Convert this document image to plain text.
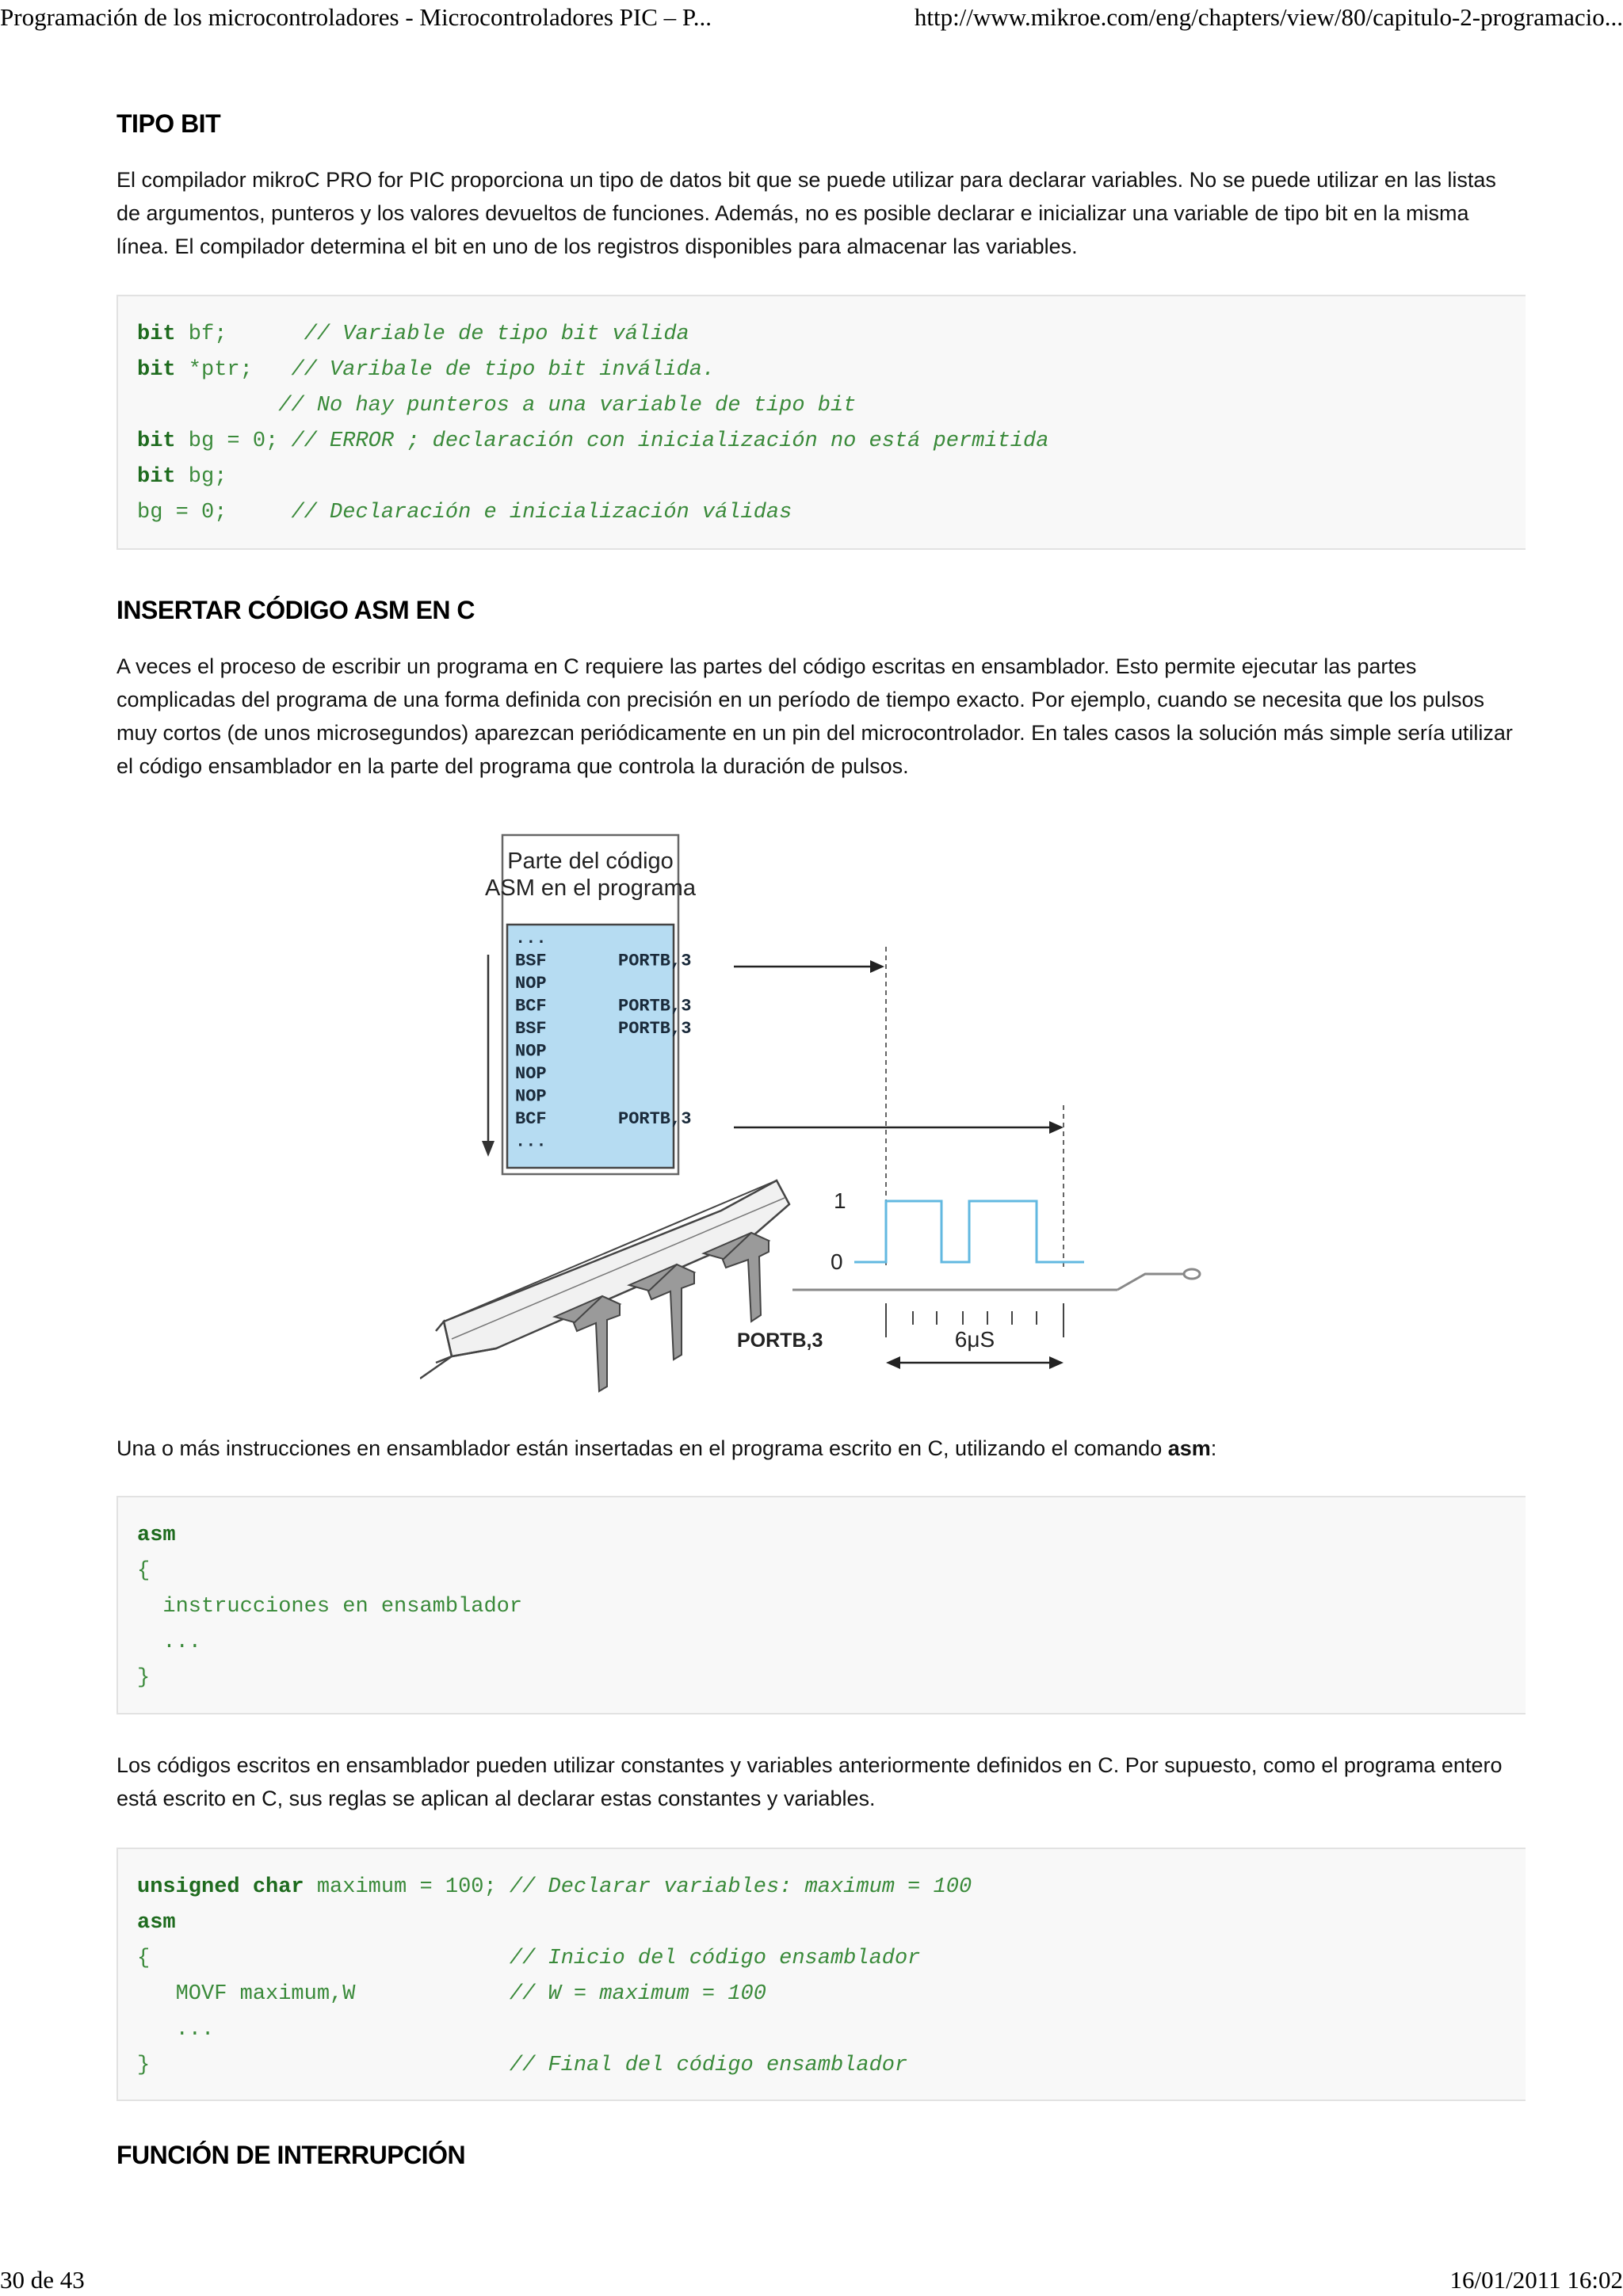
Programación de los microcontroladores - Microcontroladores PIC – P...	http://www.mikroe.com/eng/chapters/view/80/capitulo-2-programacio...
TIPO BIT

El compilador mikroC PRO for PIC proporciona un tipo de datos bit que se puede utilizar para declarar variables. No se puede utilizar en las listas de argumentos, punteros y los valores devueltos de funciones. Además, no es posible declarar e inicializar una variable de tipo bit en la misma línea. El compilador determina el bit en uno de los registros disponibles para almacenar las variables.

bit bf;      // Variable de tipo bit válida
bit *ptr;   // Varibale de tipo bit inválida.
// No hay punteros a una variable de tipo bit
bit bg = 0; // ERROR ; declaración con inicialización no está permitida
bit bg;
bg = 0;     // Declaración e inicialización válidas
INSERTAR CÓDIGO ASM EN C

A veces el proceso de escribir un programa en C requiere las partes del código escritas en ensamblador. Esto permite ejecutar las partes complicadas del programa de una forma definida con precisión en un período de tiempo exacto. Por ejemplo, cuando se necesita que los pulsos muy cortos (de unos microsegundos) aparezcan periódicamente en un pin del microcontrolador. En tales casos la solución más simple sería utilizar el código ensamblador en la parte del programa que controla la duración de pulsos.

Parte del código
ASM en el programa
...
BSF	PORTB,3
NOP
BCF	PORTB,3
BSF	PORTB,3
NOP
NOP
NOP
BCF	PORTB,3
...
1
0
6μS
PORTB,3

Una o más instrucciones en ensamblador están insertadas en el programa escrito en C, utilizando el comando asm:

asm
{
instrucciones en ensamblador
...
}

Los códigos escritos en ensamblador pueden utilizar constantes y variables anteriormente definidos en C. Por supuesto, como el programa entero está escrito en C, sus reglas se aplican al declarar estas constantes y variables.

unsigned char maximum = 100; // Declarar variables: maximum = 100
asm
{                            // Inicio del código ensamblador
MOVF maximum,W            // W = maximum = 100
...
}                            // Final del código ensamblador
FUNCIÓN DE INTERRUPCIÓN
30 de 43	16/01/2011 16:02
